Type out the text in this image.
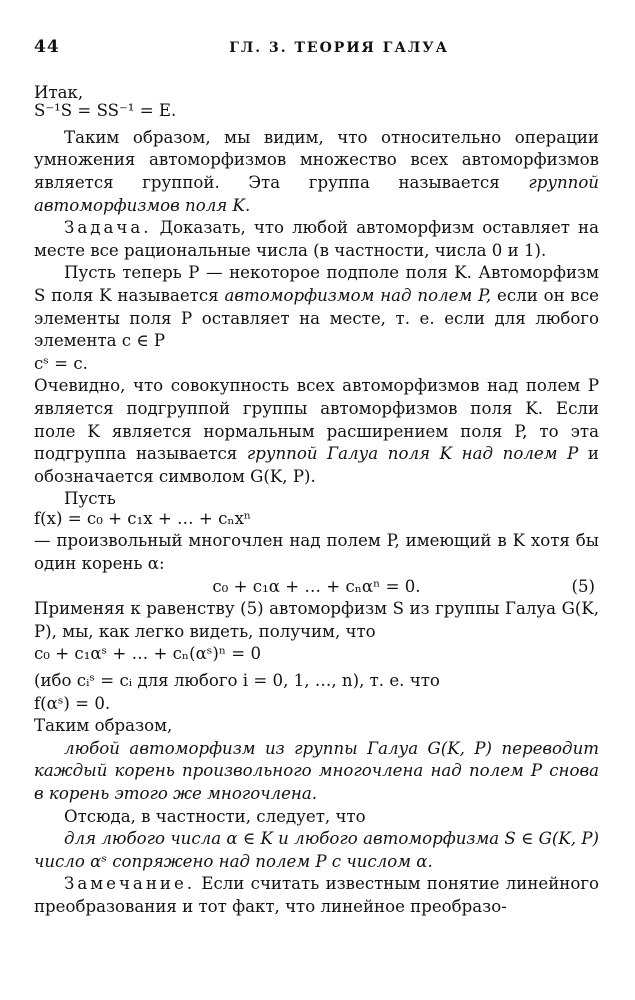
44	ГЛ. 3. ТЕОРИЯ ГАЛУА

Итак,

S⁻¹S = SS⁻¹ = E.

Таким образом, мы видим, что относительно операции умножения автоморфизмов множество всех автоморфизмов является группой. Эта группа называется группой автоморфизмов поля K.

Задача. Доказать, что любой автоморфизм оставляет на месте все рациональные числа (в частности, числа 0 и 1).

Пусть теперь P — некоторое подполе поля K. Автоморфизм S поля K называется автоморфизмом над полем P, если он все элементы поля P оставляет на месте, т. е. если для любого элемента c ∈ P

cˢ = c.

Очевидно, что совокупность всех автоморфизмов над полем P является подгруппой группы автоморфизмов поля K. Если поле K является нормальным расширением поля P, то эта подгруппа называется группой Галуа поля K над полем P и обозначается символом G(K, P).

Пусть

f(x) = c₀ + c₁x + … + cₙxⁿ

— произвольный многочлен над полем P, имеющий в K хотя бы один корень α:

c₀ + c₁α + … + cₙαⁿ = 0.	(5)

Применяя к равенству (5) автоморфизм S из группы Галуа G(K, P), мы, как легко видеть, получим, что

c₀ + c₁αˢ + … + cₙ(αˢ)ⁿ = 0

(ибо cᵢˢ = cᵢ для любого i = 0, 1, …, n), т. е. что

f(αˢ) = 0.

Таким образом,

любой автоморфизм из группы Галуа G(K, P) переводит каждый корень произвольного многочлена над полем P снова в корень этого же многочлена.

Отсюда, в частности, следует, что

для любого числа α ∈ K и любого автоморфизма S ∈ G(K, P) число αˢ сопряжено над полем P с числом α.

Замечание. Если считать известным понятие линейного преобразования и тот факт, что линейное преобразо-
